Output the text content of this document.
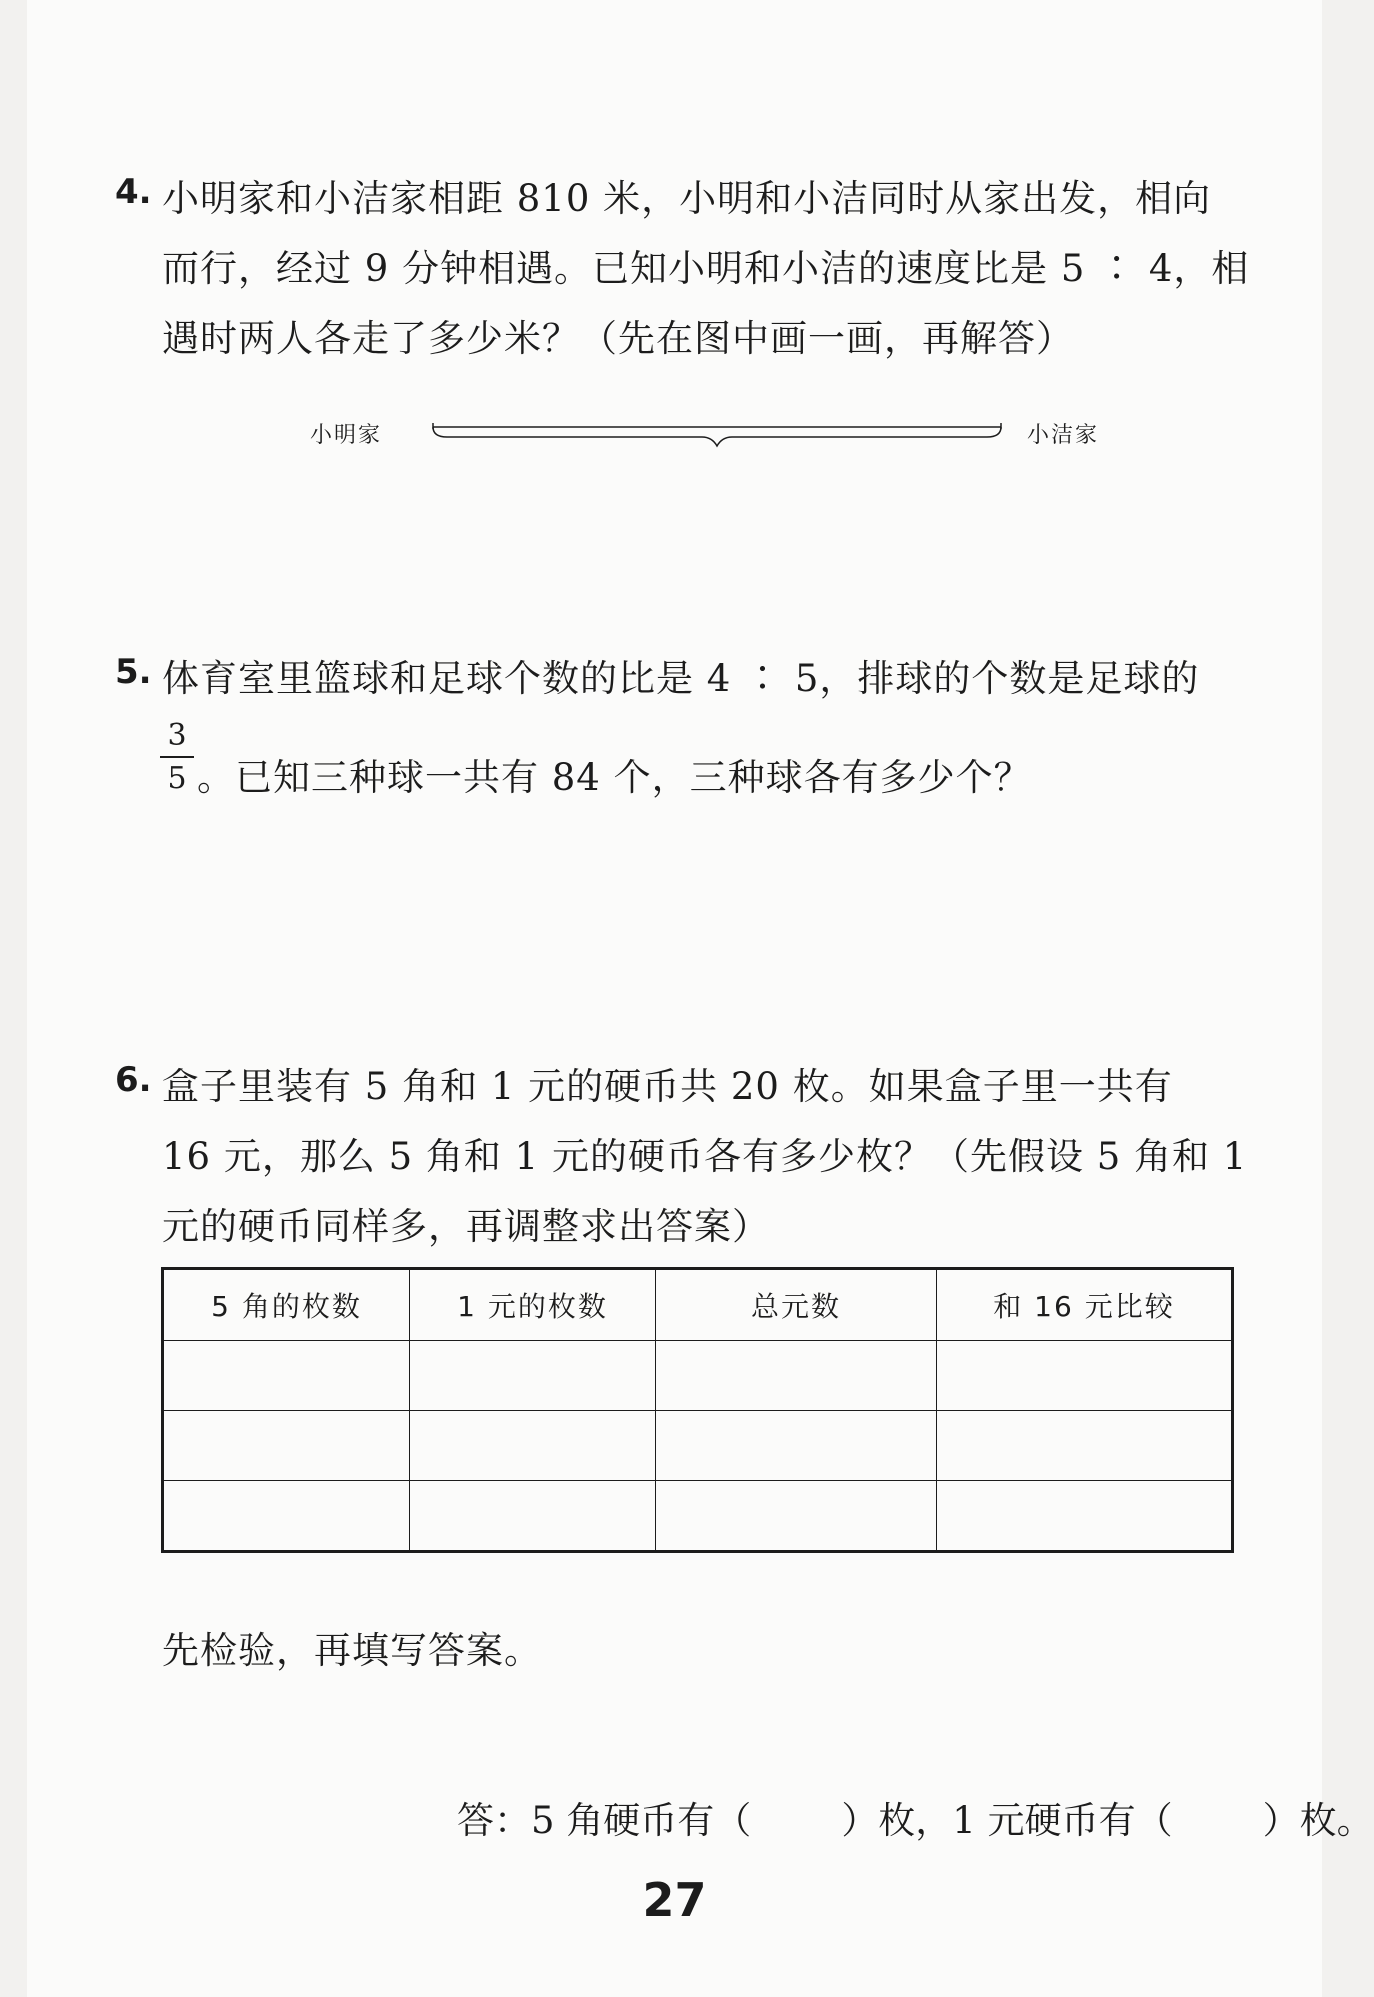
4. 小明家和小洁家相距 810 米，小明和小洁同时从家出发，相向
而行，经过 9 分钟相遇。已知小明和小洁的速度比是 5 ∶ 4，相
遇时两人各走了多少米？（先在图中画一画，再解答）
小明家	小洁家
5. 体育室里篮球和足球个数的比是 4 ∶ 5，排球的个数是足球的
3
5 。已知三种球一共有 84 个，三种球各有多少个？
6. 盒子里装有 5 角和 1 元的硬币共 20 枚。如果盒子里一共有
16 元，那么 5 角和 1 元的硬币各有多少枚？（先假设 5 角和 1
元的硬币同样多，再调整求出答案）
5 角的枚数	1 元的枚数	总元数	和 16 元比较

先检验，再填写答案。
答：5 角硬币有（ ）枚，1 元硬币有（ ）枚。
27
